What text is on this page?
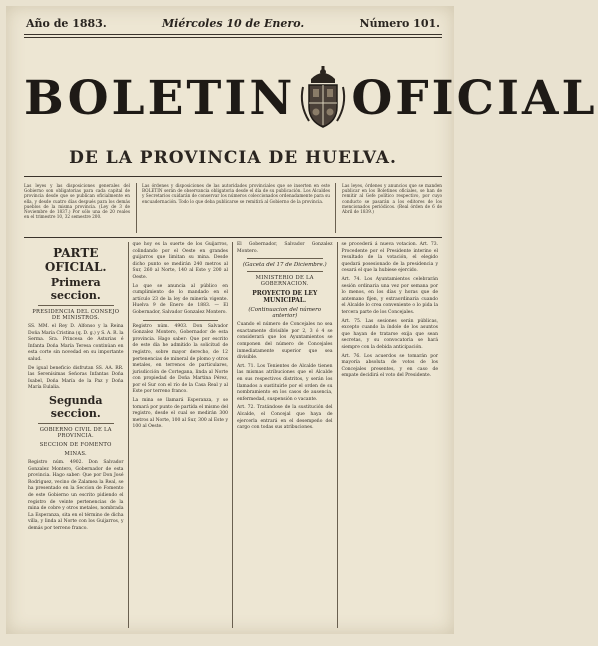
Año de 1883.	Miércoles 10 de Enero.	Número 101.
BOLETIN OFICIAL
DE LA PROVINCIA DE HUELVA.
Las leyes y las disposiciones generales del Gobierno son obligatorias para cada capital de provincia desde que se publican oficialmente en ella, y desde cuatro días después para los demás pueblos de la misma provincia. (Ley de 3 de Noviembre de 1837.) Por sólo una de 20 reales en el trimestre 10, 32 semestre 200.
Las órdenes y disposiciones de las autoridades provinciales que se inserten en este BOLETIN serán de observancia obligatoria desde el día de su publicación. Los Alcaldes y Secretarios cuidarán de conservar los números coleccionados ordenadamente para su encuadernación. Todo lo que deba publicarse se remitirá al Gobierno de la provincia.
Las leyes, órdenes y anuncios que se manden publicar en los Boletines oficiales, se han de remitir al Gefe político respectivo, por cuyo conducto se pasarán a los editores de los mencionados periódicos. (Real órden de 6 de Abril de 1839.)
PARTE OFICIAL.
Primera seccion.
PRESIDENCIA DEL CONSEJO DE MINISTROS.

SS. MM. el Rey D. Alfonso y la Reina Doña María Cristina (q. D. g.) y S. A. R. la Serma. Sra. Princesa de Asturias é Infanta Doña María Teresa continúan en esta corte sin novedad en su importante salud.

De igual beneficio disfrutan SS. AA. RR. las Serenísimas Señoras Infantas Doña Isabel, Doña María de la Paz y Doña María Eulalia.

Segunda seccion.
GOBIERNO CIVIL DE LA PROVINCIA.
SECCION DE FOMENTO
MINAS.

Registro núm. 4902. Don Salvador Gonzalez Montero, Gobernador de esta provincia. Hago saber: Que por Don José Rodriguez, vecino de Zalamea la Real, se ha presentado en la Seccion de Fomento de este Gobierno un escrito pidiendo el registro de veinte pertenencias de la mina de cobre y otros metales, nombrada La Esperanza, sita en el término de dicha villa, y linda al Norte con los Guijarros, y demás por terreno franco.

que hoy es la suerte de los Guijarros, colindando por el Oeste en grandes guijarros que limitan su mina. Desde dicho punto se medirán 240 metros al Sur, 260 al Norte, 140 al Este y 200 al Oeste.

Lo que se anuncia al público en cumplimiento de lo mandado en el artículo 23 de la ley de minería vigente. Huelva 9 de Enero de 1883. — El Gobernador, Salvador Gonzalez Montero.

Registro núm. 4903. Don Salvador Gonzalez Montero, Gobernador de esta provincia. Hago saber: Que por escrito de este día he admitido la solicitud de registro, sobre mayor derecho, de 12 pertenencias de mineral de plomo y otros metales, en terrenos de particulares, jurisdicción de Cortegana, linda al Norte con propiedad de Doña Martina Pérez, por el Sur con el río de la Casa Real y al Este por terreno franco.

La mina se llamará Esperanza, y se tomará por punto de partida el mismo del registro, desde el cual se medirán 300 metros al Norte, 100 al Sur, 300 al Este y 100 al Oeste.

El Gobernador, Salvador Gonzalez Montero.

(Gaceta del 17 de Diciembre.)
MINISTERIO DE LA GOBERNACION.
PROYECTO DE LEY MUNICIPAL.
(Continuacion del número anterior)

Cuando el número de Concejales no sea exactamente divisible por 2, 3 ó 4 se considerará que los Ayuntamientos se componen del número de Concejales inmediatamente superior que sea divisible.

Art. 71. Los Tenientes de Alcalde tienen las mismas atribuciones que el Alcalde en sus respectivos distritos, y serán los llamados a sustituirle por el orden de su nombramiento en los casos de ausencia, enfermedad, suspensión o vacante.

Art. 72. Tratándose de la sustitución del Alcalde, el Concejal que haya de ejercerla entrará en el desempeño del cargo con todas sus atribuciones.

se procederá á nueva votacion. Art. 73. Procedente por el Presidente interino el resultado de la votación, el elegido quedará posesionado de la presidencia y cesará el que la hubiese ejercido.

Art. 74. Los Ayuntamientos celebrarán sesión ordinaria una vez por semana por lo menos, en los días y horas que de antemano fijen, y extraordinaria cuando el Alcalde lo crea conveniente o lo pida la tercera parte de los Concejales.

Art. 75. Las sesiones serán públicas, excepto cuando la índole de los asuntos que hayan de tratarse exija que sean secretas, y su convocatoria se hará siempre con la debida anticipación.

Art. 76. Los acuerdos se tomarán por mayoría absoluta de votos de los Concejales presentes, y en caso de empate decidirá el voto del Presidente.
